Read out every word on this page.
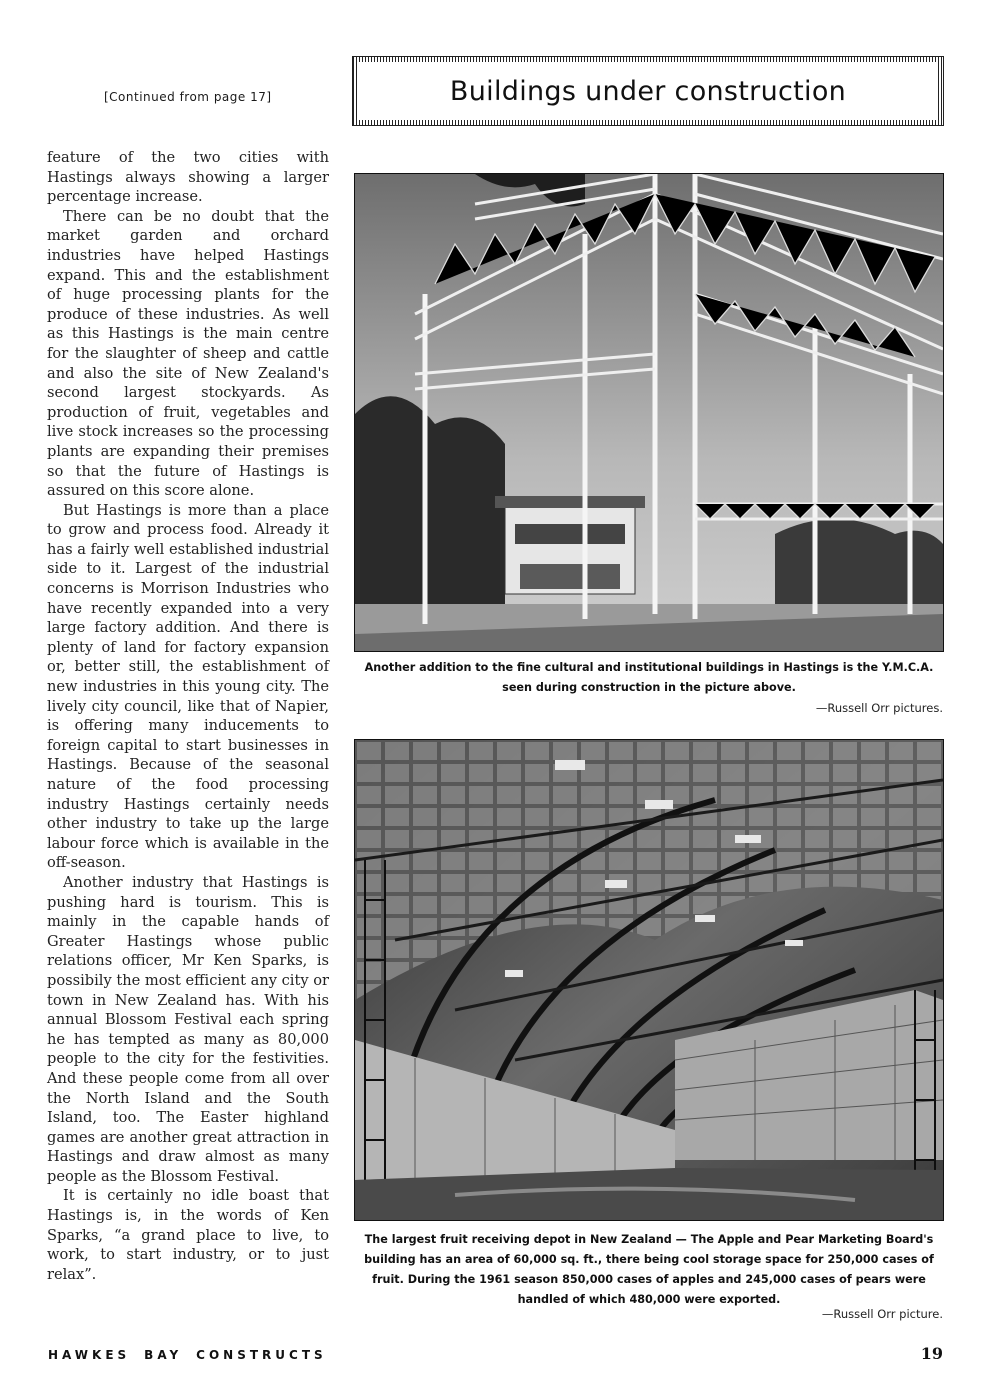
[Continued from page 17]	Buildings under construction

feature of the two cities with Hastings always showing a larger percentage increase.

There can be no doubt that the market garden and orchard industries have helped Hastings expand. This and the establishment of huge processing plants for the produce of these industries. As well as this Hastings is the main centre for the slaughter of sheep and cattle and also the site of New Zealand's second largest stockyards. As production of fruit, vegetables and live stock increases so the processing plants are expanding their premises so that the future of Hastings is assured on this score alone.

But Hastings is more than a place to grow and process food. Already it has a fairly well established industrial side to it. Largest of the industrial concerns is Morrison Industries who have recently expanded into a very large factory addition. And there is plenty of land for factory expansion or, better still, the establishment of new industries in this young city. The lively city council, like that of Napier, is offering many inducements to foreign capital to start businesses in Hastings. Because of the seasonal nature of the food processing industry Hastings certainly needs other industry to take up the large labour force which is available in the off-season.

Another industry that Hastings is pushing hard is tourism. This is mainly in the capable hands of Greater Hastings whose public relations officer, Mr Ken Sparks, is possibily the most efficient any city or town in New Zealand has. With his annual Blossom Festival each spring he has tempted as many as 80,000 people to the city for the festivities. And these people come from all over the North Island and the South Island, too. The Easter highland games are another great attraction in Hastings and draw almost as many people as the Blossom Festival.

It is certainly no idle boast that Hastings is, in the words of Ken Sparks, “a grand place to live, to work, to start industry, or to just relax”.

Another addition to the fine cultural and institutional buildings in Hastings is the Y.M.C.A. seen during construction in the picture above.
—Russell Orr pictures.
The largest fruit receiving depot in New Zealand — The Apple and Pear Marketing Board's building has an area of 60,000 sq. ft., there being cool storage space for 250,000 cases of fruit. During the 1961 season 850,000 cases of apples and 245,000 cases of pears were handled of which 480,000 were exported.
—Russell Orr picture.
HAWKES BAY CONSTRUCTS	19
